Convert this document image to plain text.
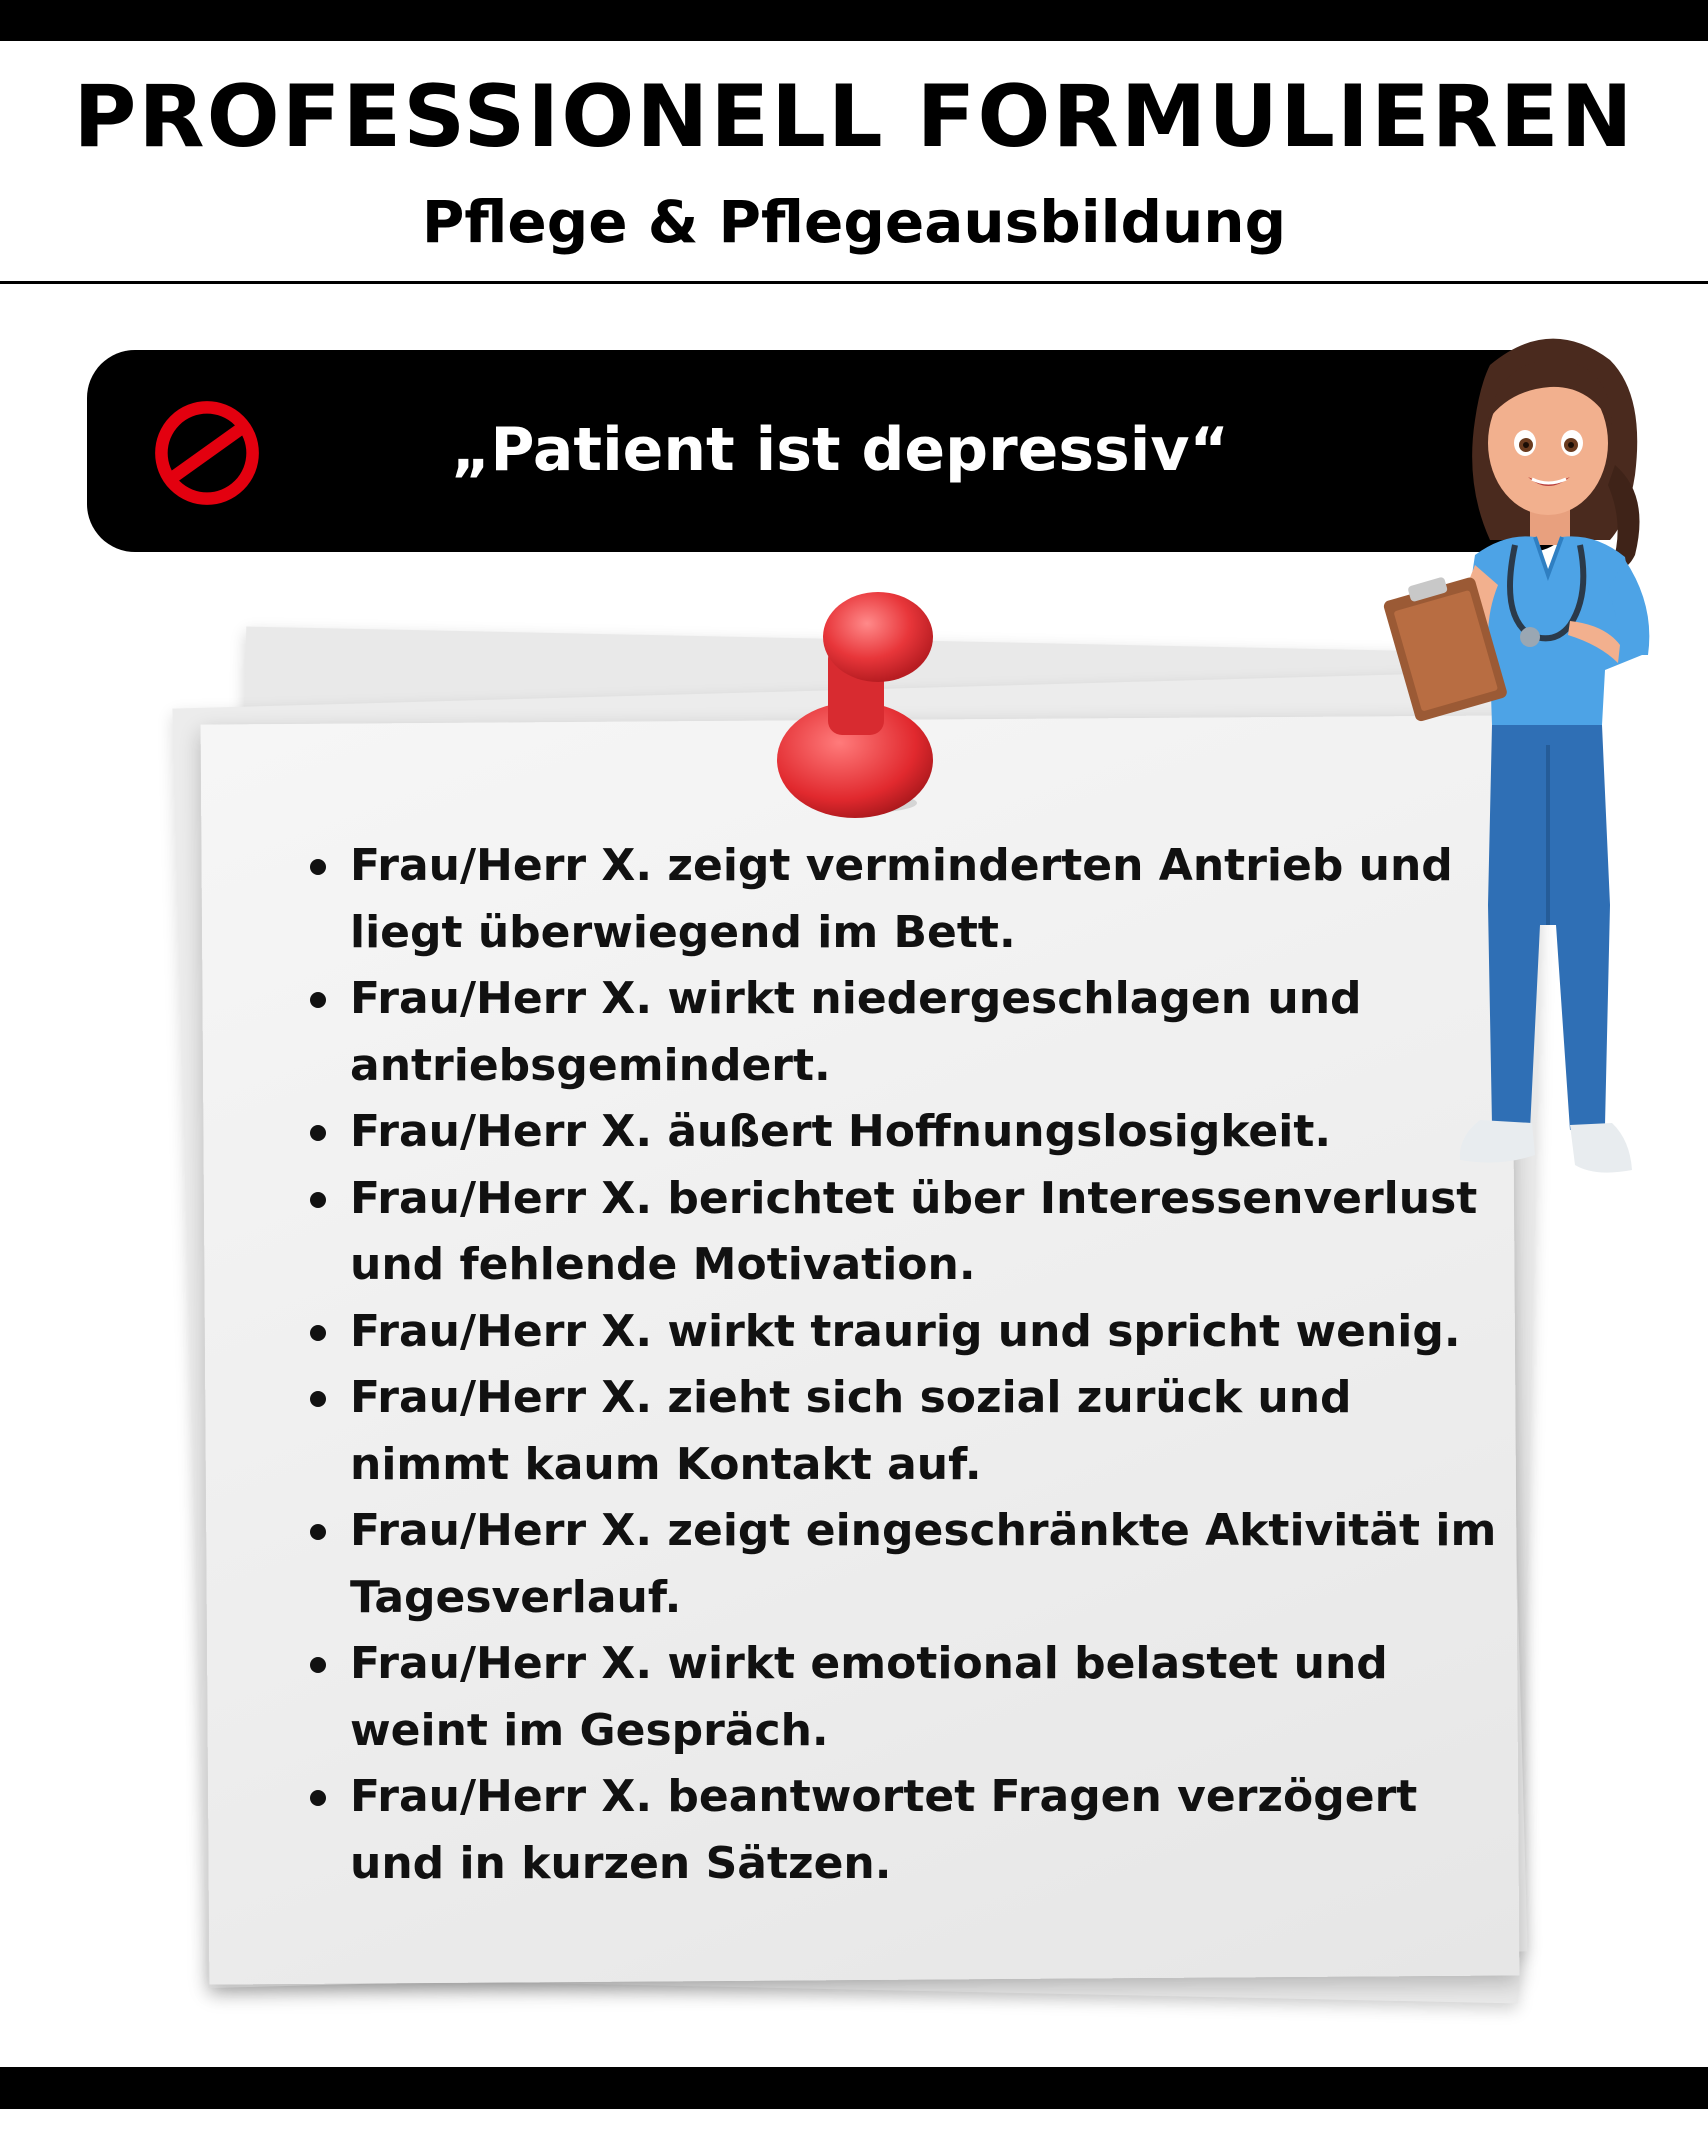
PROFESSIONELL FORMULIEREN
Pflege & Pflegeausbildung
„Patient ist depressiv“
Frau/Herr X. zeigt verminderten Antrieb und liegt überwiegend im Bett.
Frau/Herr X. wirkt niedergeschlagen und antriebsgemindert.
Frau/Herr X. äußert Hoffnungslosigkeit.
Frau/Herr X. berichtet über Interessenverlust und fehlende Motivation.
Frau/Herr X. wirkt traurig und spricht wenig.
Frau/Herr X. zieht sich sozial zurück und nimmt kaum Kontakt auf.
Frau/Herr X. zeigt eingeschränkte Aktivität im Tagesverlauf.
Frau/Herr X. wirkt emotional belastet und weint im Gespräch.
Frau/Herr X. beantwortet Fragen verzögert und in kurzen Sätzen.
